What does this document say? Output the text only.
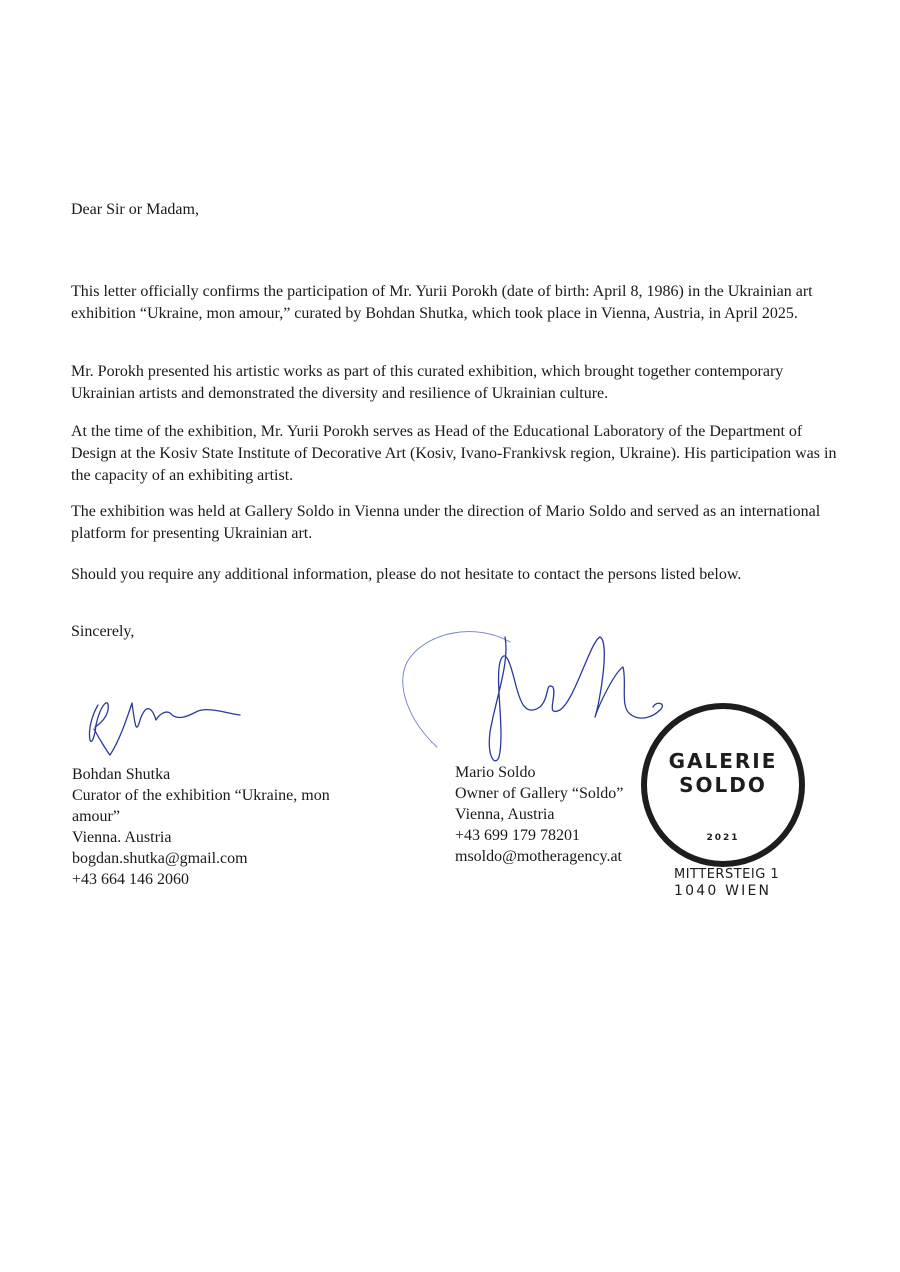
Dear Sir or Madam,

This letter officially confirms the participation of Mr. Yurii Porokh (date of birth: April 8, 1986) in the Ukrainian art exhibition “Ukraine, mon amour,” curated by Bohdan Shutka, which took place in Vienna, Austria, in April 2025.

Mr. Porokh presented his artistic works as part of this curated exhibition, which brought together contemporary Ukrainian artists and demonstrated the diversity and resilience of Ukrainian culture.

At the time of the exhibition, Mr. Yurii Porokh serves as Head of the Educational Laboratory of the Department of Design at the Kosiv State Institute of Decorative Art (Kosiv, Ivano-Frankivsk region, Ukraine). His participation was in the capacity of an exhibiting artist.

The exhibition was held at Gallery Soldo in Vienna under the direction of Mario Soldo and served as an international platform for presenting Ukrainian art.

Should you require any additional information, please do not hesitate to contact the persons listed below.

Sincerely,
Bohdan Shutka
Curator of the exhibition “Ukraine, mon amour”
Vienna. Austria
bogdan.shutka@gmail.com
+43 664 146 2060
Mario Soldo
Owner of Gallery “Soldo”
Vienna, Austria
+43 699 179 78201
msoldo@motheragency.at
GALERIE
SOLDO
2021
MITTERSTEIG 1
1040 WIEN
